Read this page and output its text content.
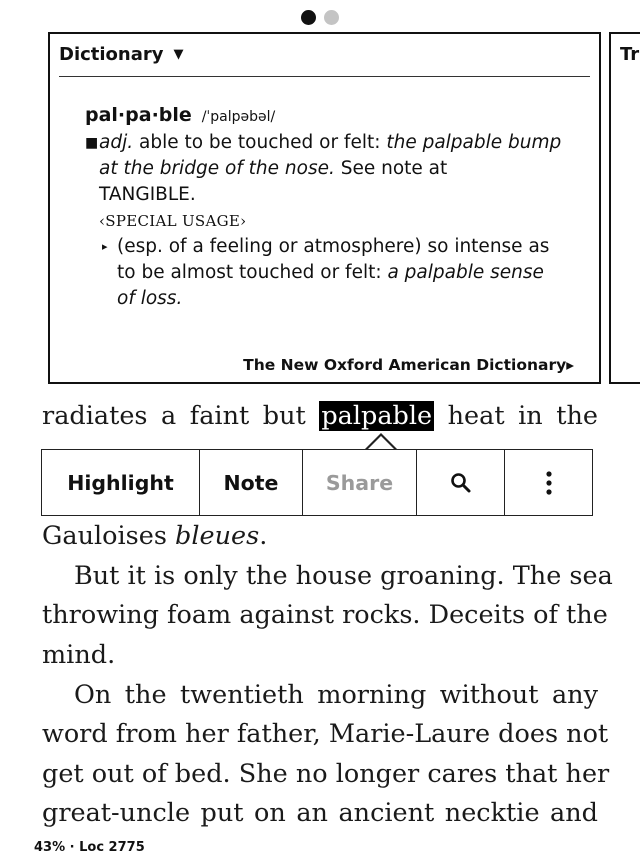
radiates a faint but palpable heat in the
Gauloises bleues.
But it is only the house groaning. The sea
throwing foam against rocks. Deceits of the
mind.
On the twentieth morning without any
word from her father, Marie-Laure does not
get out of bed. She no longer cares that her
great-uncle put on an ancient necktie and
Dictionary ▼
pal·pa·ble /ˈpalpəbəl/
■ adj. able to be touched or felt: the palpable bump at the bridge of the nose. See note at
TANGIBLE.
‹SPECIAL USAGE›
▸ (esp. of a feeling or atmosphere) so intense as to be almost touched or felt: a palpable sense of loss.
The New Oxford American Dictionary▸
Tr
Highlight	Note	Share
43% · Loc 2775
